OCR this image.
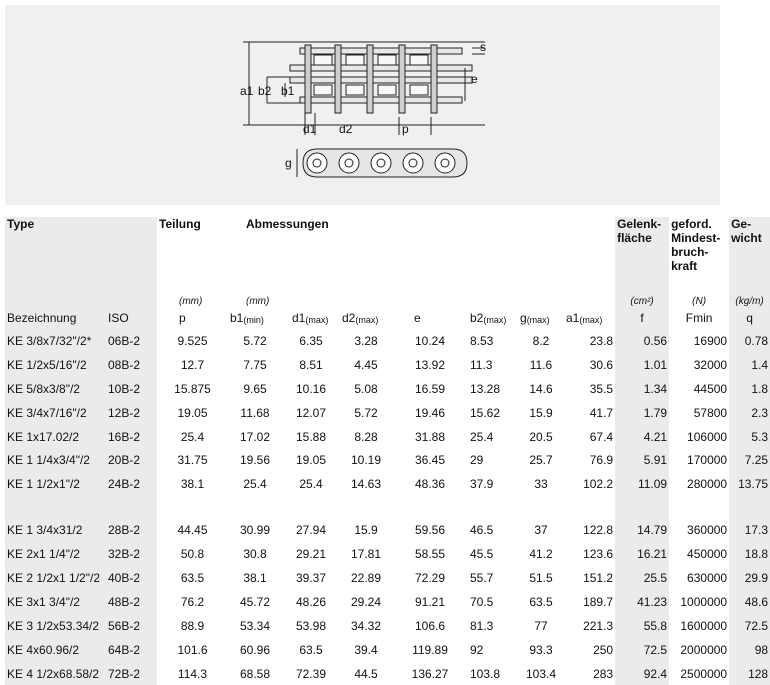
s
e
a1 b2 b1
d1 d2	p
g
Type		Teilung	Abmessungen							Gelenk-fläche	geford. Mindest-bruch-kraft	Ge-wicht
		(mm)	(mm)							(cm²)	(N)	(kg/m)
Bezeichnung	ISO	p	$b1_{(min)}$	$d1_{(max)}$	$d2_{(max)}$	e	$b2_{(max)}$	$g_{(max)}$	$a1_{(max)}$	f	Fmin	q
KE 3/8x7/32"/2*	06B-2	9.525	5.72	6.35	3.28	10.24	8.53	8.2	23.8	0.56	16900	0.78
KE 1/2x5/16"/2	08B-2	12.7	7.75	8.51	4.45	13.92	11.3	11.6	30.6	1.01	32000	1.4
KE 5/8x3/8"/2	10B-2	15.875	9.65	10.16	5.08	16.59	13.28	14.6	35.5	1.34	44500	1.8
KE 3/4x7/16"/2	12B-2	19.05	11.68	12.07	5.72	19.46	15.62	15.9	41.7	1.79	57800	2.3
KE 1x17.02/2	16B-2	25.4	17.02	15.88	8.28	31.88	25.4	20.5	67.4	4.21	106000	5.3
KE 1 1/4x3/4"/2	20B-2	31.75	19.56	19.05	10.19	36.45	29	25.7	76.9	5.91	170000	7.25
KE 1 1/2x1"/2	24B-2	38.1	25.4	25.4	14.63	48.36	37.9	33	102.2	11.09	280000	13.75

KE 1 3/4x31/2	28B-2	44.45	30.99	27.94	15.9	59.56	46.5	37	122.8	14.79	360000	17.3
KE 2x1 1/4"/2	32B-2	50.8	30.8	29.21	17.81	58.55	45.5	41.2	123.6	16.21	450000	18.8
KE 2 1/2x1 1/2"/2	40B-2	63.5	38.1	39.37	22.89	72.29	55.7	51.5	151.2	25.5	630000	29.9
KE 3x1 3/4"/2	48B-2	76.2	45.72	48.26	29.24	91.21	70.5	63.5	189.7	41.23	1000000	48.6
KE 3 1/2x53.34/2	56B-2	88.9	53.34	53.98	34.32	106.6	81.3	77	221.3	55.8	1600000	72.5
KE 4x60.96/2	64B-2	101.6	60.96	63.5	39.4	119.89	92	93.3	250	72.5	2000000	98
KE 4 1/2x68.58/2	72B-2	114.3	68.58	72.39	44.5	136.27	103.8	103.4	283	92.4	2500000	128
